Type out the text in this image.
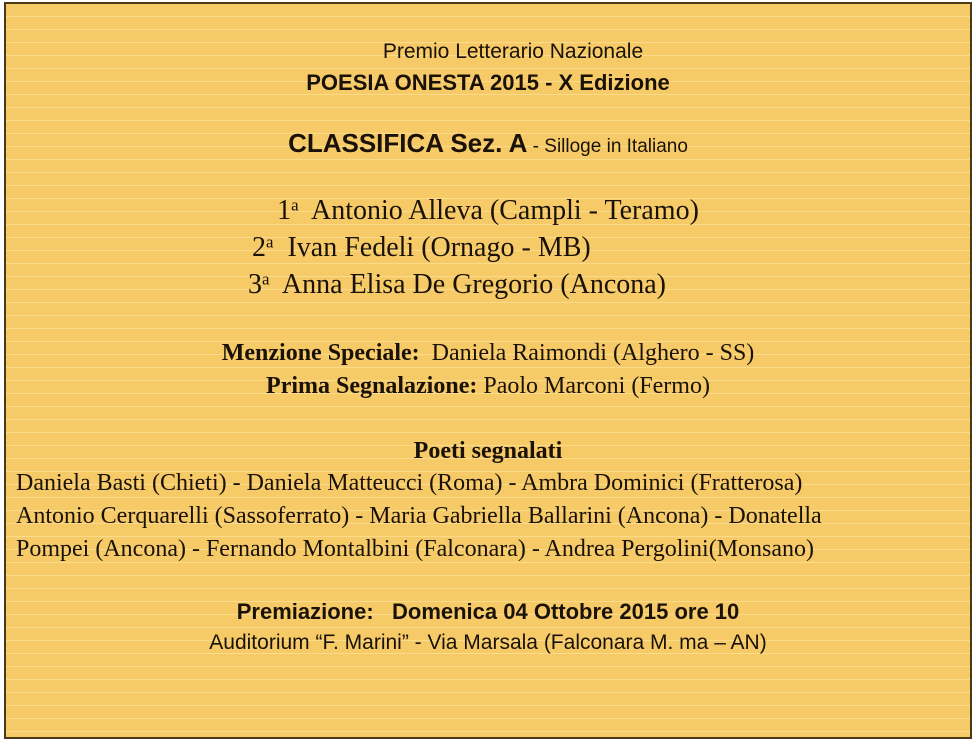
Premio Letterario Nazionale
POESIA ONESTA 2015 - X Edizione
CLASSIFICA Sez. A - Silloge in Italiano
1$^a$ Antonio Alleva (Campli - Teramo)
2$^a$ Ivan Fedeli (Ornago - MB)
3$^a$ Anna Elisa De Gregorio (Ancona)
Menzione Speciale: Daniela Raimondi (Alghero - SS)
Prima Segnalazione: Paolo Marconi (Fermo)
Poeti segnalati
Daniela Basti (Chieti) - Daniela Matteucci (Roma) - Ambra Dominici (Fratterosa)
Antonio Cerquarelli (Sassoferrato) - Maria Gabriella Ballarini (Ancona) - Donatella
Pompei (Ancona) - Fernando Montalbini (Falconara) - Andrea Pergolini(Monsano)
Premiazione: Domenica 04 Ottobre 2015 ore 10
Auditorium “F. Marini” - Via Marsala (Falconara M. ma – AN)
